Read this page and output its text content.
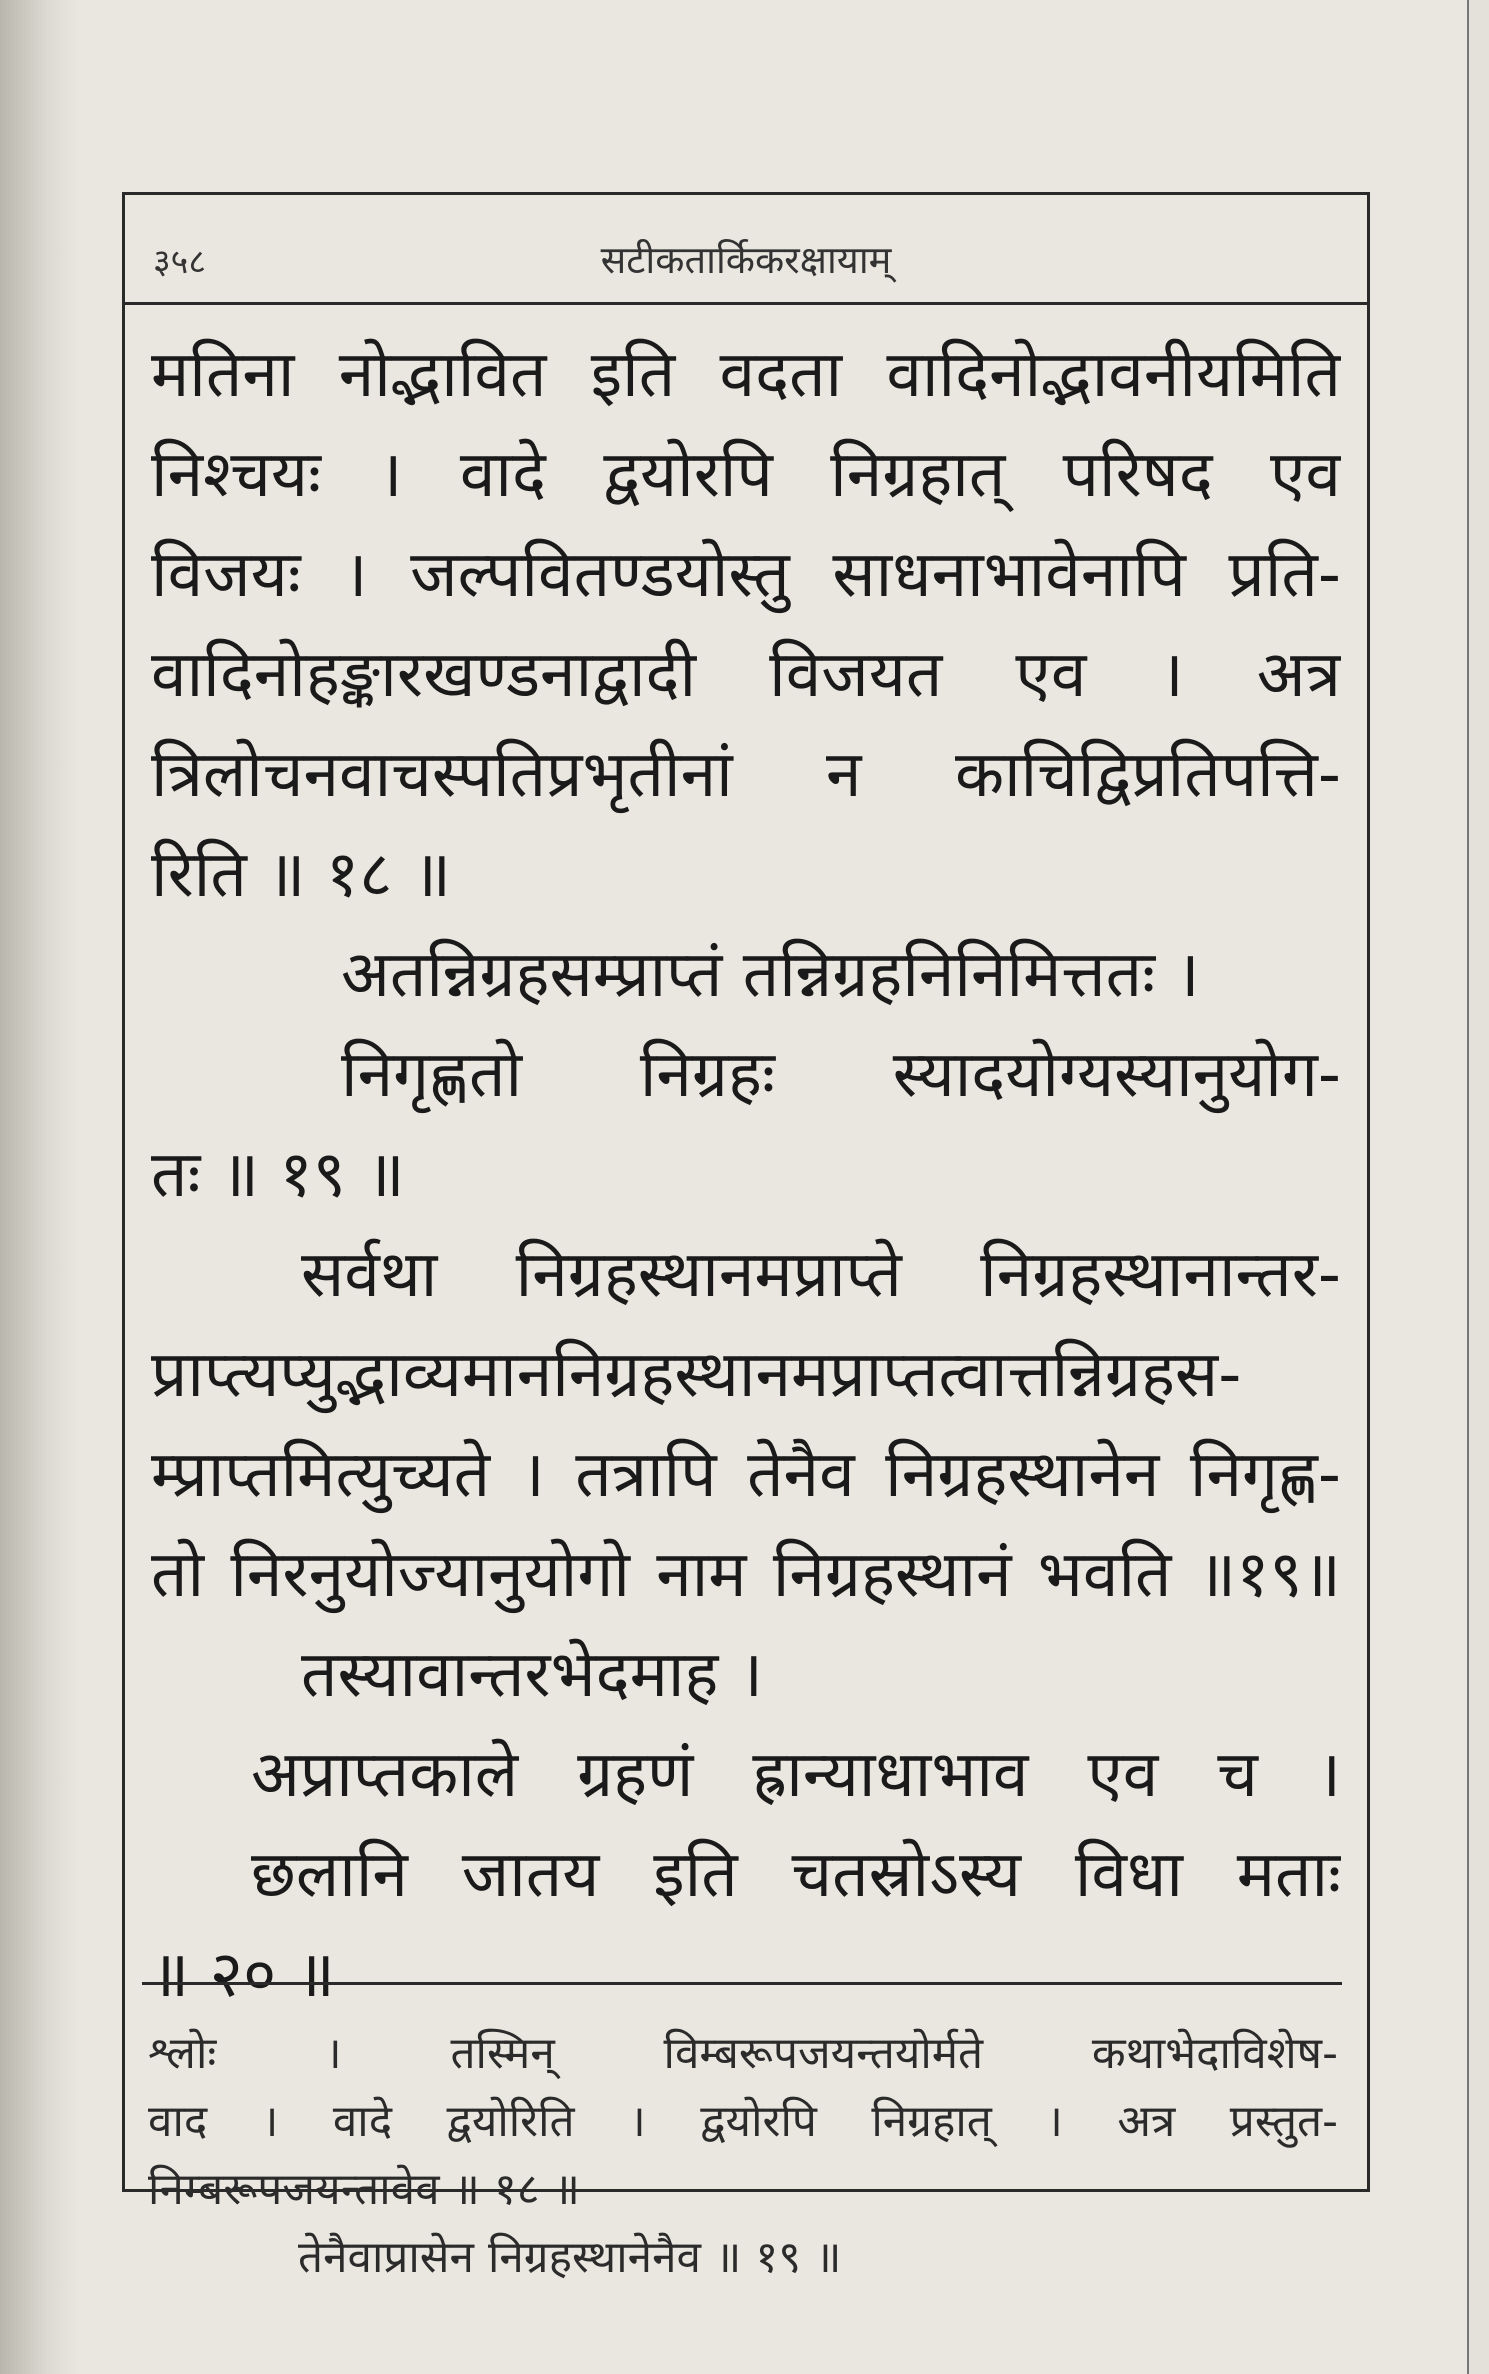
३५८	सटीकतार्किकरक्षायाम्
मतिना नोद्भावित इति वदता वादिनोद्भावनीयमिति
निश्चयः । वादे द्वयोरपि निग्रहात् परिषद एव
विजयः । जल्पवितण्डयोस्तु साधनाभावेनापि प्रति-
वादिनोहङ्कारखण्डनाद्वादी विजयत एव । अत्र
त्रिलोचनवाचस्पतिप्रभृतीनां न काचिद्विप्रतिपत्ति-
रिति ॥ १८ ॥
अतन्निग्रहसम्प्राप्तं तन्निग्रहनिनिमित्ततः ।
निगृह्णतो निग्रहः स्यादयोग्यस्यानुयोग-
तः ॥ १९ ॥
सर्वथा निग्रहस्थानमप्राप्ते निग्रहस्थानान्तर-
प्राप्त्यप्युद्भाव्यमाननिग्रहस्थानमप्राप्तत्वात्तन्निग्रहस-
म्प्राप्तमित्युच्यते । तत्रापि तेनैव निग्रहस्थानेन निगृह्ण-
तो निरनुयोज्यानुयोगो नाम निग्रहस्थानं भवति ॥१९॥
तस्यावान्तरभेदमाह ।
अप्राप्तकाले ग्रहणं ह्रान्याधाभाव एव च ।
छलानि जातय इति चतस्रोऽस्य विधा मताः
॥ २० ॥
श्लोः । तस्मिन् विम्बरूपजयन्तयोर्मते कथाभेदाविशेष-
वाद । वादे द्वयोरिति । द्वयोरपि निग्रहात् । अत्र प्रस्तुत-
निम्बरूपजयन्तावेव ॥ १८ ॥
तेनैवाप्रासेन निग्रहस्थानेनैव ॥ १९ ॥
